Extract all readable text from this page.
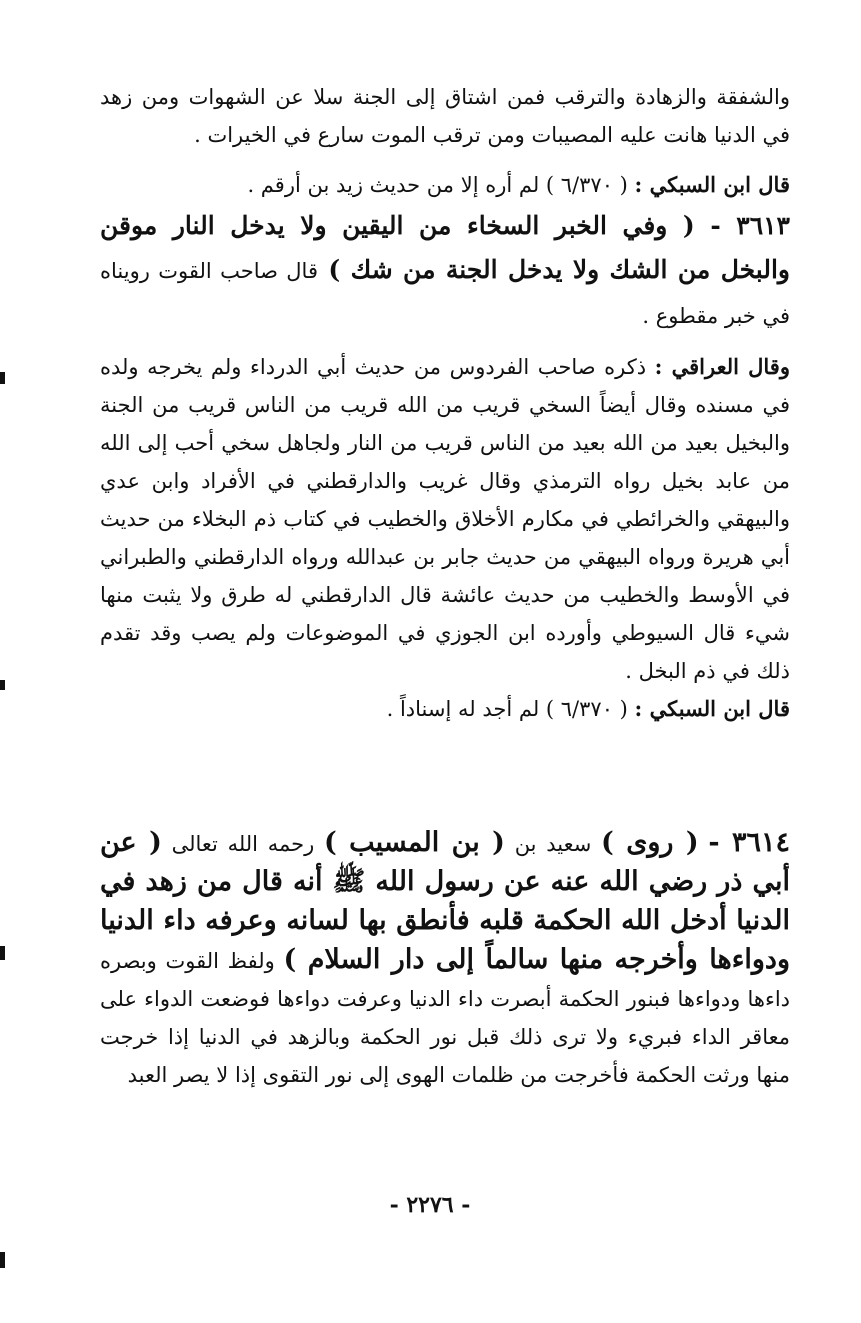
والشفقة والزهادة والترقب فمن اشتاق إلى الجنة سلا عن الشهوات ومن زهد في الدنيا هانت عليه المصيبات ومن ترقب الموت سارع في الخيرات .

قال ابن السبكي : ( ٦/٣٧٠ ) لم أره إلا من حديث زيد بن أرقم .

٣٦١٣ - ( وفي الخبر السخاء من اليقين ولا يدخل النار موقن والبخل من الشك ولا يدخل الجنة من شك ) قال صاحب القوت رويناه في خبر مقطوع .

وقال العراقي : ذكره صاحب الفردوس من حديث أبي الدرداء ولم يخرجه ولده في مسنده وقال أيضاً السخي قريب من الله قريب من الناس قريب من الجنة والبخيل بعيد من الله بعيد من الناس قريب من النار ولجاهل سخي أحب إلى الله من عابد بخيل رواه الترمذي وقال غريب والدارقطني في الأفراد وابن عدي والبيهقي والخرائطي في مكارم الأخلاق والخطيب في كتاب ذم البخلاء من حديث أبي هريرة ورواه البيهقي من حديث جابر بن عبدالله ورواه الدارقطني والطبراني في الأوسط والخطيب من حديث عائشة قال الدارقطني له طرق ولا يثبت منها شيء قال السيوطي وأورده ابن الجوزي في الموضوعات ولم يصب وقد تقدم ذلك في ذم البخل .

قال ابن السبكي : ( ٦/٣٧٠ ) لم أجد له إسناداً .

٣٦١٤ - ( روى ) سعيد بن ( بن المسيب ) رحمه الله تعالى ( عن أبي ذر رضي الله عنه عن رسول الله ﷺ أنه قال من زهد في الدنيا أدخل الله الحكمة قلبه فأنطق بها لسانه وعرفه داء الدنيا ودواءها وأخرجه منها سالماً إلى دار السلام ) ولفظ القوت وبصره داءها ودواءها فبنور الحكمة أبصرت داء الدنيا وعرفت دواءها فوضعت الدواء على معاقر الداء فبريء ولا ترى ذلك قبل نور الحكمة وبالزهد في الدنيا إذا خرجت منها ورثت الحكمة فأخرجت من ظلمات الهوى إلى نور التقوى إذا لا يصر العبد

- ٢٢٧٦ -
